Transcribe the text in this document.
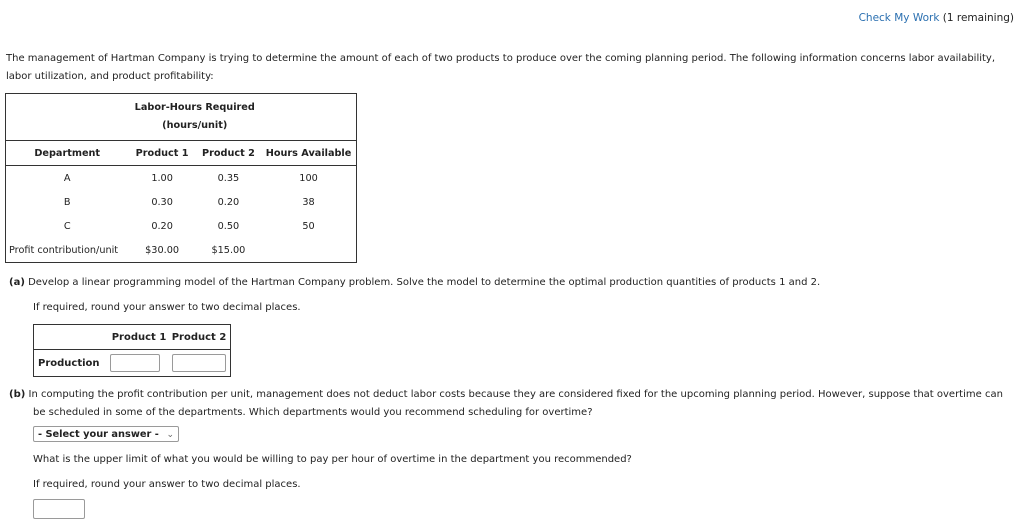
Check My Work (1 remaining)
The management of Hartman Company is trying to determine the amount of each of two products to produce over the coming planning period. The following information concerns labor availability, labor utilization, and product profitability:

	Labor-Hours Required
(hours/unit)		

Department	Product 1	Product 2	Hours Available
A	1.00	0.35	100
B	0.30	0.20	38
C	0.20	0.50	50
Profit contribution/unit	$30.00	$15.00	
(a) Develop a linear programming model of the Hartman Company problem. Solve the model to determine the optimal production quantities of products 1 and 2.
If required, round your answer to two decimal places.
	Product 1	Product 2
Production		
(b) In computing the profit contribution per unit, management does not deduct labor costs because they are considered fixed for the upcoming planning period. However, suppose that overtime can
be scheduled in some of the departments. Which departments would you recommend scheduling for overtime?
- Select your answer - ⌄
What is the upper limit of what you would be willing to pay per hour of overtime in the department you recommended?
If required, round your answer to two decimal places.
